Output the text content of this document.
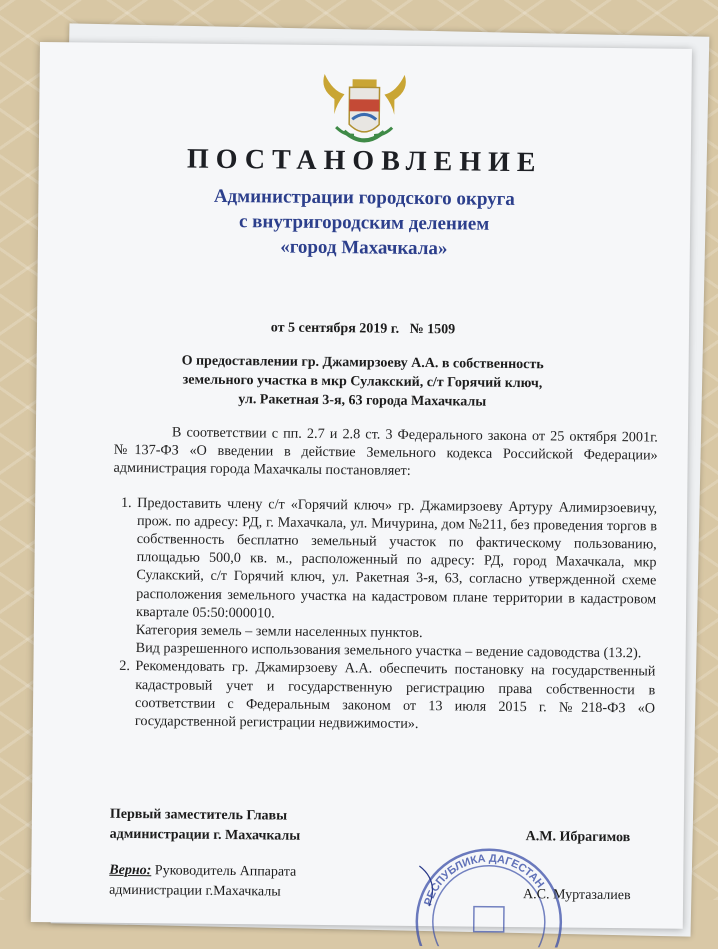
ПОСТАНОВЛЕНИЕ
Администрации городского округа
с внутригородским делением
«город Махачкала»
от 5 сентября 2019 г.   № 1509
О предоставлении гр. Джамирзоеву А.А. в собственность
земельного участка в мкр Сулакский, с/т Горячий ключ,
ул. Ракетная 3-я, 63 города Махачкалы

В соответствии с пп. 2.7 и 2.8 ст. 3 Федерального закона от 25 октября 2001г. №137-ФЗ «О введении в действие Земельного кодекса Российской Федерации» администрация города Махачкалы постановляет:

1. Предоставить члену с/т «Горячий ключ» гр. Джамирзоеву Артуру Алимирзоевичу, прож. по адресу: РД, г. Махачкала, ул. Мичурина, дом №211, без проведения торгов в собственность бесплатно земельный участок по фактическому пользованию, площадью 500,0 кв. м., расположенный по адресу: РД, город Махачкала, мкр Сулакский, с/т Горячий ключ, ул. Ракетная 3-я, 63, согласно утвержденной схеме расположения земельного участка на кадастровом плане территории в кадастровом квартале 05:50:000010.
Категория земель – земли населенных пунктов.
Вид разрешенного использования земельного участка – ведение садоводства (13.2).
2. Рекомендовать гр. Джамирзоеву А.А. обеспечить постановку на государственный кадастровый учет и государственную регистрацию права собственности в соответствии с Федеральным законом от 13 июля 2015 г. №218-ФЗ «О государственной регистрации недвижимости».
Первый заместитель Главы
администрации г. Махачкалы	А.М. Ибрагимов
РЕСПУБЛИКА ДАГЕСТАН
Верно: Руководитель Аппарата
администрации г.Махачкалы	А.С. Муртазалиев
